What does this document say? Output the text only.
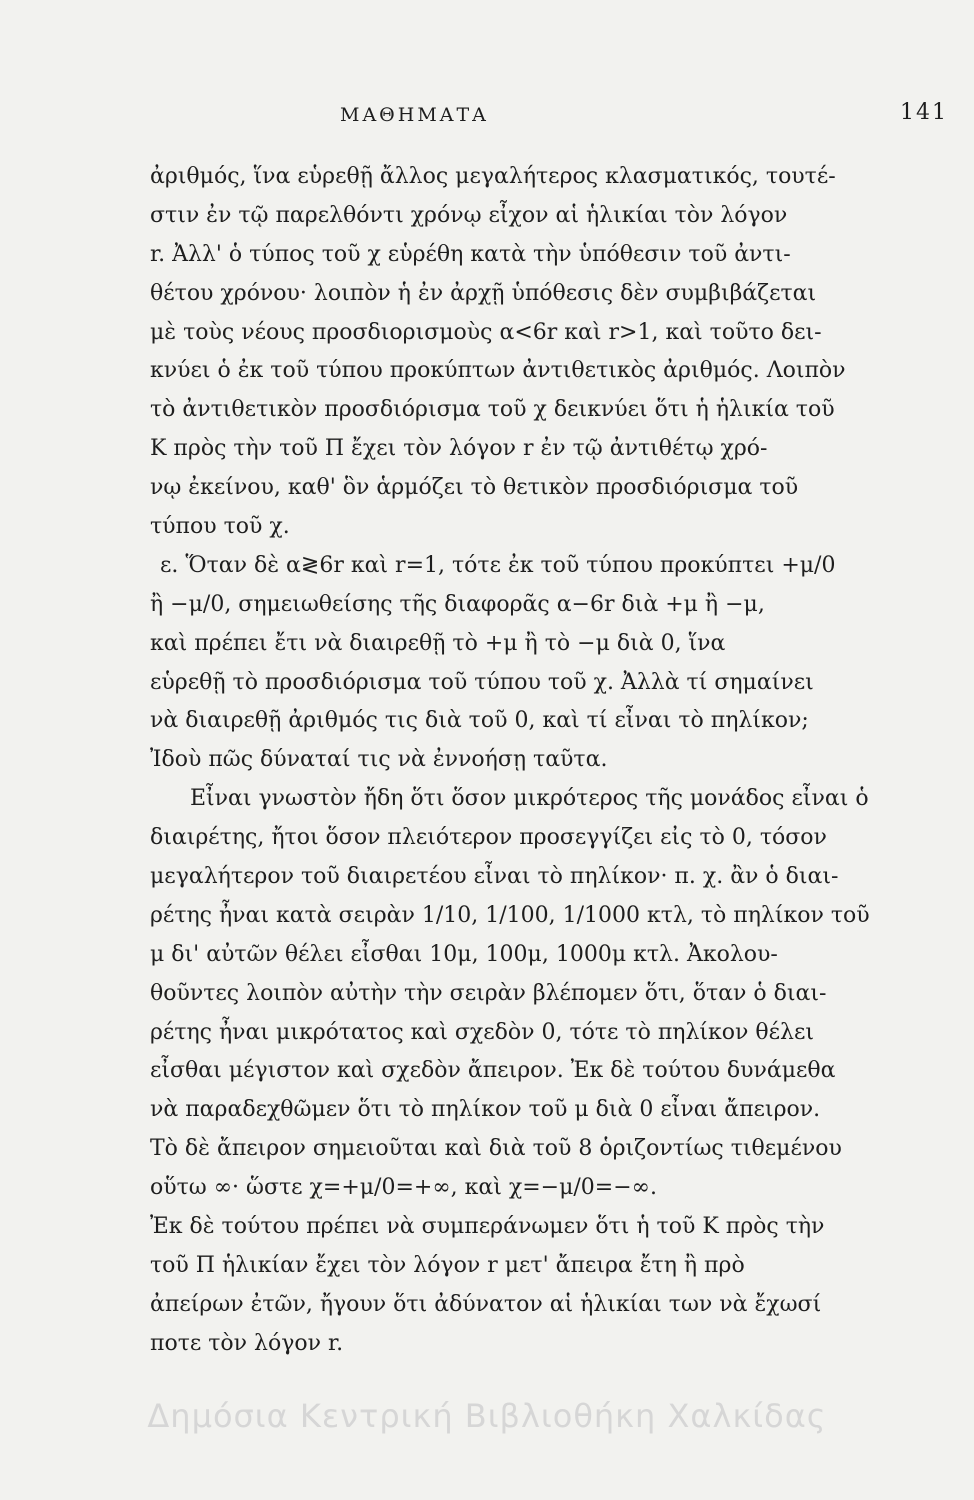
ΜΑΘΗΜΑΤΑ	141
ἀριθμός, ἵνα εὑρεθῇ ἄλλος μεγαλήτερος κλασματικός, τουτέ-
στιν ἐν τῷ παρελθόντι χρόνῳ εἶχον αἱ ἡλικίαι τὸν λόγον
r. Ἀλλ' ὁ τύπος τοῦ χ εὑρέθη κατὰ τὴν ὑπόθεσιν τοῦ ἀντι-
θέτου χρόνου· λοιπὸν ἡ ἐν ἀρχῇ ὑπόθεσις δὲν συμβιβάζεται
μὲ τοὺς νέους προσδιορισμοὺς α<6r καὶ r>1, καὶ τοῦτο δει-
κνύει ὁ ἐκ τοῦ τύπου προκύπτων ἀντιθετικὸς ἀριθμός. Λοιπὸν
τὸ ἀντιθετικὸν προσδιόρισμα τοῦ χ δεικνύει ὅτι ἡ ἡλικία τοῦ
Κ πρὸς τὴν τοῦ Π ἔχει τὸν λόγον r ἐν τῷ ἀντιθέτῳ χρό-
νῳ ἐκείνου, καθ' ὃν ἁρμόζει τὸ θετικὸν προσδιόρισμα τοῦ
τύπου τοῦ χ.
ε. Ὅταν δὲ α≷6r καὶ r=1, τότε ἐκ τοῦ τύπου προκύπτει +μ/0
ἢ −μ/0, σημειωθείσης τῆς διαφορᾶς α−6r διὰ +μ ἢ −μ,
καὶ πρέπει ἔτι νὰ διαιρεθῇ τὸ +μ ἢ τὸ −μ διὰ 0, ἵνα
εὑρεθῇ τὸ προσδιόρισμα τοῦ τύπου τοῦ χ. Ἀλλὰ τί σημαίνει
νὰ διαιρεθῇ ἀριθμός τις διὰ τοῦ 0, καὶ τί εἶναι τὸ πηλίκον;
Ἰδοὺ πῶς δύναταί τις νὰ ἐννοήσῃ ταῦτα.
Εἶναι γνωστὸν ἤδη ὅτι ὅσον μικρότερος τῆς μονάδος εἶναι ὁ
διαιρέτης, ἤτοι ὅσον πλειότερον προσεγγίζει εἰς τὸ 0, τόσον
μεγαλήτερον τοῦ διαιρετέου εἶναι τὸ πηλίκον· π. χ. ἂν ὁ διαι-
ρέτης ἦναι κατὰ σειρὰν 1/10, 1/100, 1/1000 κτλ, τὸ πηλίκον τοῦ
μ δι' αὐτῶν θέλει εἶσθαι 10μ, 100μ, 1000μ κτλ. Ἀκολου-
θοῦντες λοιπὸν αὐτὴν τὴν σειρὰν βλέπομεν ὅτι, ὅταν ὁ διαι-
ρέτης ἦναι μικρότατος καὶ σχεδὸν 0, τότε τὸ πηλίκον θέλει
εἶσθαι μέγιστον καὶ σχεδὸν ἄπειρον. Ἐκ δὲ τούτου δυνάμεθα
νὰ παραδεχθῶμεν ὅτι τὸ πηλίκον τοῦ μ διὰ 0 εἶναι ἄπειρον.
Τὸ δὲ ἄπειρον σημειοῦται καὶ διὰ τοῦ 8 ὁριζοντίως τιθεμένου
οὕτω ∞· ὥστε χ=+μ/0=+∞, καὶ χ=−μ/0=−∞.
Ἐκ δὲ τούτου πρέπει νὰ συμπεράνωμεν ὅτι ἡ τοῦ Κ πρὸς τὴν
τοῦ Π ἡλικίαν ἔχει τὸν λόγον r μετ' ἄπειρα ἔτη ἢ πρὸ
ἀπείρων ἐτῶν, ἤγουν ὅτι ἀδύνατον αἱ ἡλικίαι των νὰ ἔχωσί
ποτε τὸν λόγον r.
Δημόσια Κεντρική Βιβλιοθήκη Χαλκίδας
